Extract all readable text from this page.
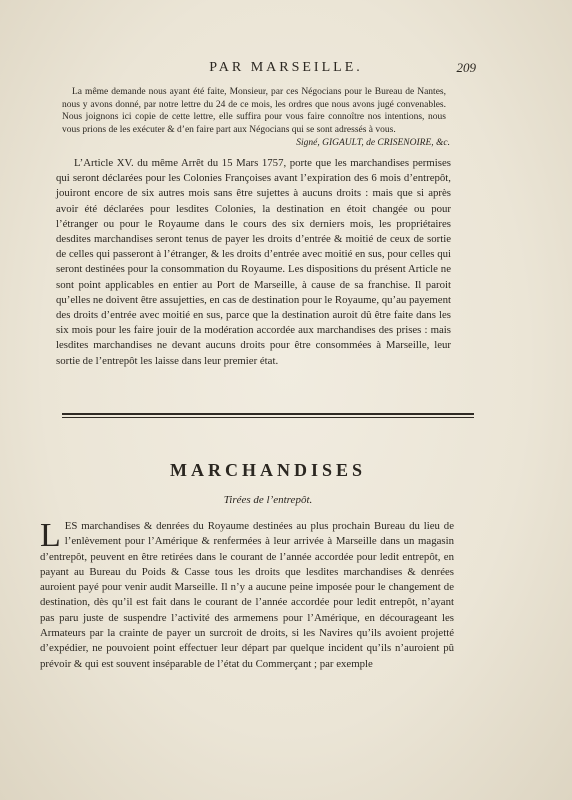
PAR MARSEILLE.	209

La même demande nous ayant été faite, Monsieur, par ces Négocians pour le Bureau de Nantes, nous y avons donné, par notre lettre du 24 de ce mois, les ordres que nous avons jugé convenables. Nous joignons ici copie de cette lettre, elle suffira pour vous faire connoître nos intentions, nous vous prions de les exécuter & d’en faire part aux Négocians qui se sont adressés à vous.

Signé, GIGAULT, de CRISENOIRE, &c.

L’Article XV. du même Arrêt du 15 Mars 1757, porte que les marchandises permises qui seront déclarées pour les Colonies Françoises avant l’expiration des 6 mois d’entrepôt, jouiront encore de six autres mois sans être sujettes à aucuns droits : mais que si après avoir été déclarées pour lesdites Colonies, la destination en étoit changée ou pour l’étranger ou pour le Royaume dans le cours des six derniers mois, les propriétaires desdites marchandises seront tenus de payer les droits d’entrée & moitié de ceux de sortie de celles qui passeront à l’étranger, & les droits d’entrée avec moitié en sus, pour celles qui seront destinées pour la consommation du Royaume. Les dispositions du présent Article ne sont point applicables en entier au Port de Marseille, à cause de sa franchise. Il paroit qu’elles ne doivent être assujetties, en cas de destination pour le Royaume, qu’au payement des droits d’entrée avec moitié en sus, parce que la destination auroit dû être faite dans les six mois pour les faire jouir de la modération accordée aux marchandises des prises : mais lesdites marchandises ne devant aucuns droits pour être consommées à Marseille, leur sortie de l’entrepôt les laisse dans leur premier état.

MARCHANDISES
Tirées de l’entrepôt.

L ES marchandises & denrées du Royaume destinées au plus prochain Bureau du lieu de l’enlèvement pour l’Amérique & renfermées à leur arrivée à Marseille dans un magasin d’entrepôt, peuvent en être retirées dans le courant de l’année accordée pour ledit entrepôt, en payant au Bureau du Poids & Casse tous les droits que lesdites marchandises & denrées auroient payé pour venir audit Marseille. Il n’y a aucune peine imposée pour le changement de destination, dès qu’il est fait dans le courant de l’année accordée pour ledit entrepôt, n’ayant pas paru juste de suspendre l’activité des armemens pour l’Amérique, en décourageant les Armateurs par la crainte de payer un surcroit de droits, si les Navires qu’ils avoient projetté d’expédier, ne pouvoient point effectuer leur départ par quelque incident qu’ils n’auroient pû prévoir & qui est souvent inséparable de l’état du Commerçant ; par exemple
